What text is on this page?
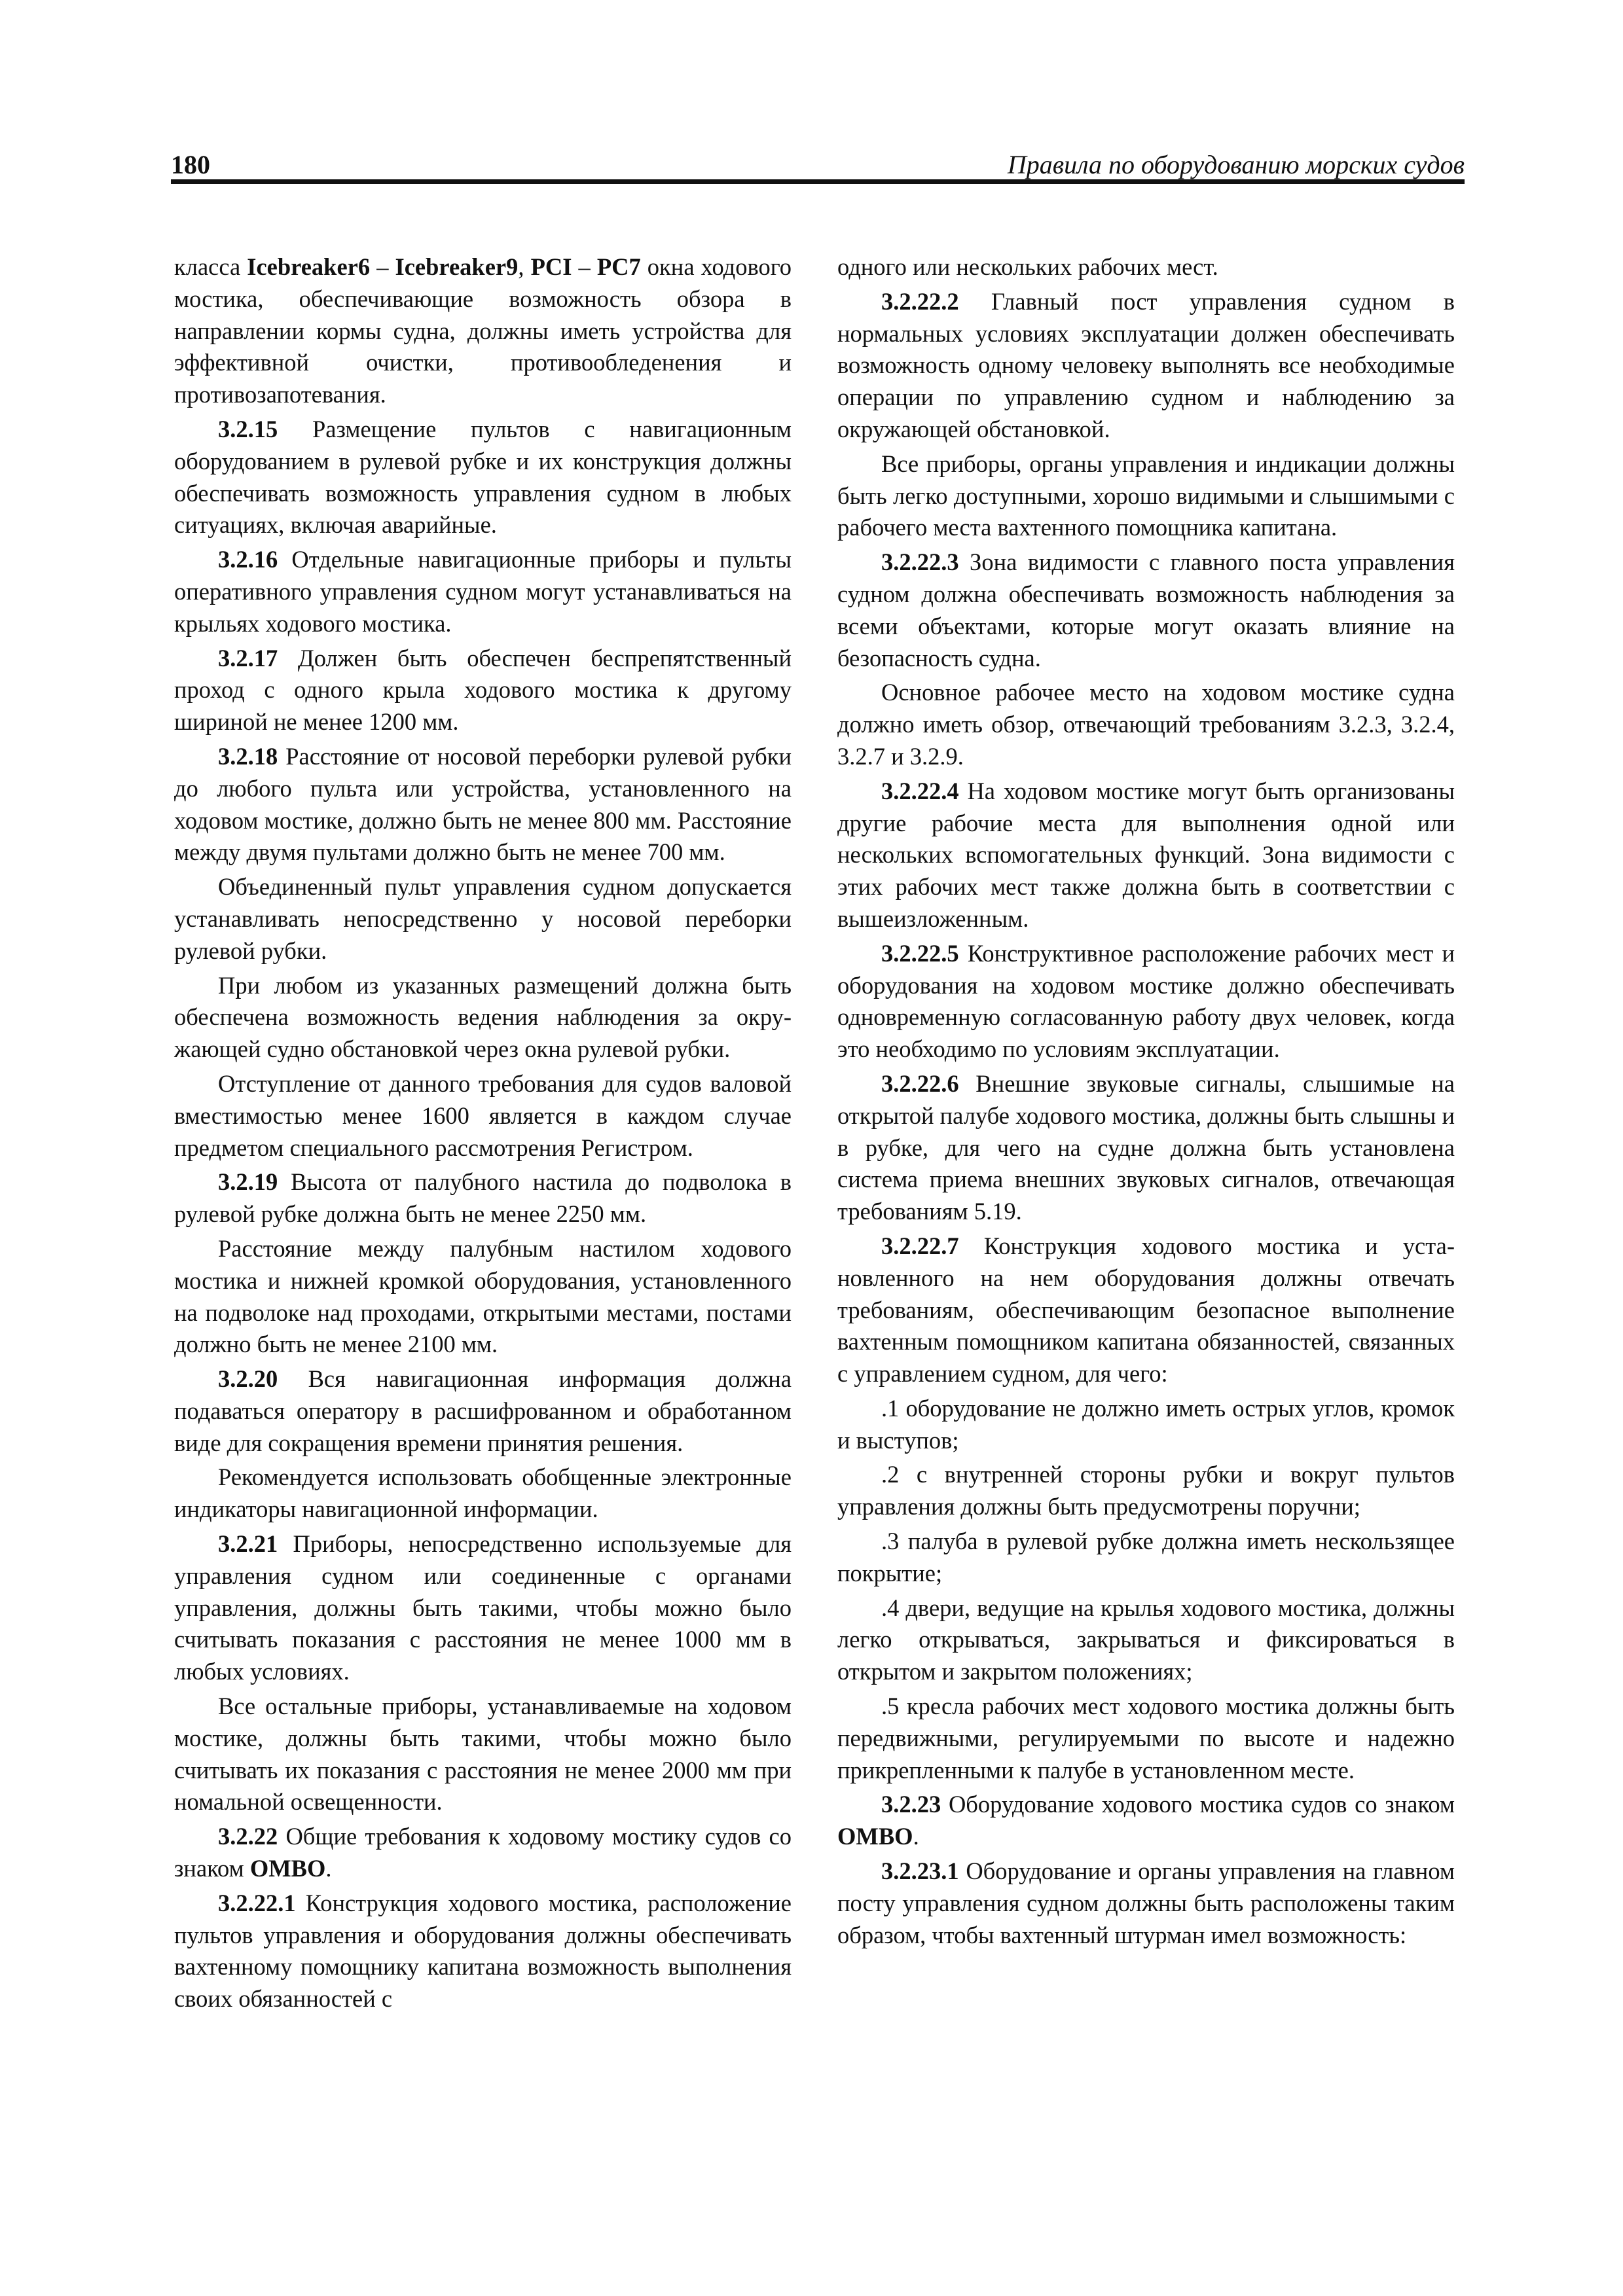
180	Правила по оборудованию морских судов

класса Icebreaker6 – Icebreaker9, PCI – PC7 окна ходового мостика, обеспечивающие возможность обзора в направлении кормы судна, должны иметь устройства для эффективной очистки, противообледенения и противозапотевания.

3.2.15 Размещение пультов с навигационным оборудованием в рулевой рубке и их конструкция должны обеспечивать возможность управления судном в любых ситуациях, включая аварийные.

3.2.16 Отдельные навигационные приборы и пульты оперативного управления судном могут устанавливаться на крыльях ходового мостика.

3.2.17 Должен быть обеспечен беспрепятственный проход с одного крыла ходового мостика к другому шириной не менее 1200 мм.

3.2.18 Расстояние от носовой переборки рулевой рубки до любого пульта или устройства, установленного на ходовом мостике, должно быть не менее 800 мм. Расстояние между двумя пультами должно быть не менее 700 мм.

Объединенный пульт управления судном допускается устанавливать непосредственно у носовой переборки рулевой рубки.

При любом из указанных размещений должна быть обеспечена возможность ведения наблюдения за окружающей судно обстановкой через окна рулевой рубки.

Отступление от данного требования для судов валовой вместимостью менее 1600 является в каждом случае предметом специального рассмотрения Регистром.

3.2.19 Высота от палубного настила до подволока в рулевой рубке должна быть не менее 2250 мм.

Расстояние между палубным настилом ходового мостика и нижней кромкой оборудования, установленного на подволоке над проходами, открытыми местами, постами должно быть не менее 2100 мм.

3.2.20 Вся навигационная информация должна подаваться оператору в расшифрованном и обработанном виде для сокращения времени принятия решения.

Рекомендуется использовать обобщенные электронные индикаторы навигационной информации.

3.2.21 Приборы, непосредственно используемые для управления судном или соединенные с органами управления, должны быть такими, чтобы можно было считывать показания с расстояния не менее 1000 мм в любых условиях.

Все остальные приборы, устанавливаемые на ходовом мостике, должны быть такими, чтобы можно было считывать их показания с расстояния не менее 2000 мм при номальной освещенности.

3.2.22 Общие требования к ходовому мостику судов со знаком OMBO.

3.2.22.1 Конструкция ходового мостика, расположение пультов управления и оборудования должны обеспечивать вахтенному помощнику капитана возможность выполнения своих обязанностей с

одного или нескольких рабочих мест.

3.2.22.2 Главный пост управления судном в нормальных условиях эксплуатации должен обеспечивать возможность одному человеку выполнять все необходимые операции по управлению судном и наблюдению за окружающей обстановкой.

Все приборы, органы управления и индикации должны быть легко доступными, хорошо видимыми и слышимыми с рабочего места вахтенного помощника капитана.

3.2.22.3 Зона видимости с главного поста управления судном должна обеспечивать возможность наблюдения за всеми объектами, которые могут оказать влияние на безопасность судна.

Основное рабочее место на ходовом мостике судна должно иметь обзор, отвечающий требованиям 3.2.3, 3.2.4, 3.2.7 и 3.2.9.

3.2.22.4 На ходовом мостике могут быть организованы другие рабочие места для выполнения одной или нескольких вспомогательных функций. Зона видимости с этих рабочих мест также должна быть в соответствии с вышеизложенным.

3.2.22.5 Конструктивное расположение рабочих мест и оборудования на ходовом мостике должно обеспечивать одновременную согласованную работу двух человек, когда это необходимо по условиям эксплуатации.

3.2.22.6 Внешние звуковые сигналы, слышимые на открытой палубе ходового мостика, должны быть слышны и в рубке, для чего на судне должна быть установлена система приема внешних звуковых сигналов, отвечающая требованиям 5.19.

3.2.22.7 Конструкция ходового мостика и установленного на нем оборудования должны отвечать требованиям, обеспечивающим безопасное выполнение вахтенным помощником капитана обязанностей, связанных с управлением судном, для чего:

.1 оборудование не должно иметь острых углов, кромок и выступов;

.2 с внутренней стороны рубки и вокруг пультов управления должны быть предусмотрены поручни;

.3 палуба в рулевой рубке должна иметь нескользящее покрытие;

.4 двери, ведущие на крылья ходового мостика, должны легко открываться, закрываться и фиксироваться в открытом и закрытом положениях;

.5 кресла рабочих мест ходового мостика должны быть передвижными, регулируемыми по высоте и надежно прикрепленными к палубе в установленном месте.

3.2.23 Оборудование ходового мостика судов со знаком OMBO.

3.2.23.1 Оборудование и органы управления на главном посту управления судном должны быть расположены таким образом, чтобы вахтенный штурман имел возможность:
